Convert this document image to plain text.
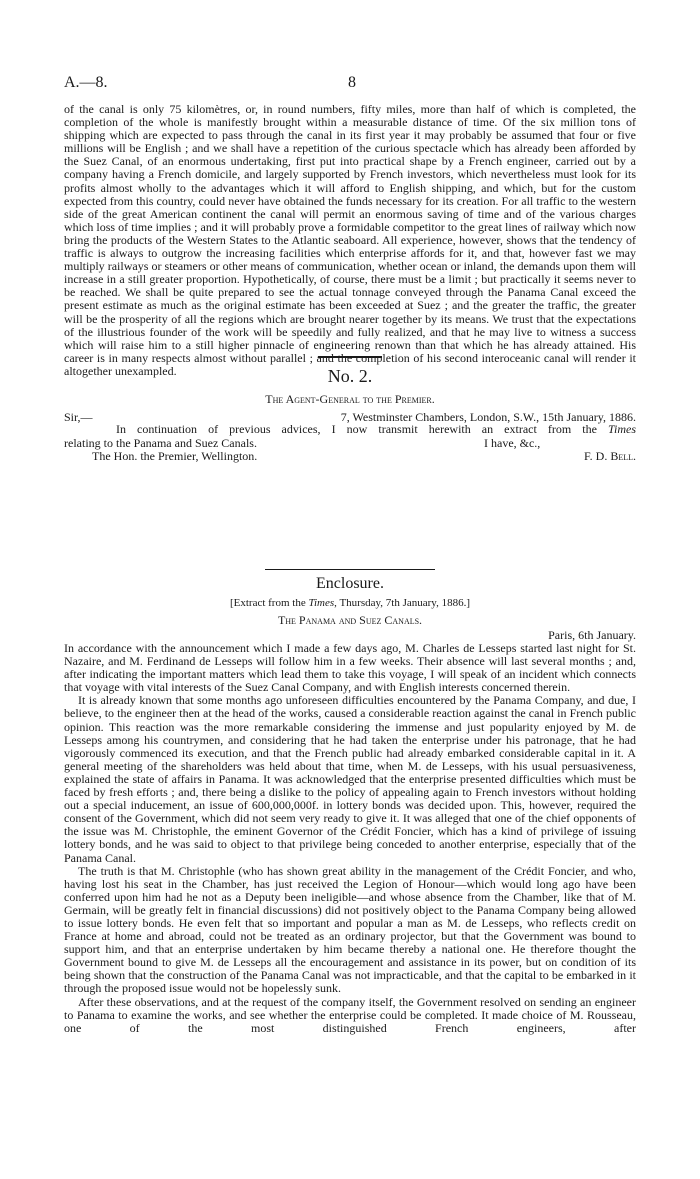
A.—8.	8

of the canal is only 75 kilomètres, or, in round numbers, fifty miles, more than half of which is completed, the completion of the whole is manifestly brought within a measurable distance of time. Of the six million tons of shipping which are expected to pass through the canal in its first year it may probably be assumed that four or five millions will be English ; and we shall have a repetition of the curious spectacle which has already been afforded by the Suez Canal, of an enormous undertaking, first put into practical shape by a French engineer, carried out by a company having a French domicile, and largely supported by French investors, which nevertheless must look for its profits almost wholly to the advantages which it will afford to English shipping, and which, but for the custom expected from this country, could never have obtained the funds necessary for its creation. For all traffic to the western side of the great American continent the canal will permit an enormous saving of time and of the various charges which loss of time implies ; and it will probably prove a formidable competitor to the great lines of railway which now bring the products of the Western States to the Atlantic seaboard. All experience, however, shows that the tendency of traffic is always to outgrow the increasing facilities which enterprise affords for it, and that, however fast we may multiply railways or steamers or other means of communication, whether ocean or inland, the demands upon them will increase in a still greater proportion. Hypothetically, of course, there must be a limit ; but practically it seems never to be reached. We shall be quite prepared to see the actual tonnage conveyed through the Panama Canal exceed the present estimate as much as the original estimate has been exceeded at Suez ; and the greater the traffic, the greater will be the prosperity of all the regions which are brought nearer together by its means. We trust that the expectations of the illustrious founder of the work will be speedily and fully realized, and that he may live to witness a success which will raise him to a still higher pinnacle of engineering renown than that which he has already attained. His career is in many respects almost without parallel ; and the completion of his second interoceanic canal will render it altogether unexampled.	No. 2.
The Agent-General to the Premier.
Sir,—	7, Westminster Chambers, London, S.W., 15th January, 1886.
In continuation of previous advices, I now transmit herewith an extract from the Times
relating to the Panama and Suez Canals.	I have, &c.,
The Hon. the Premier, Wellington.	F. D. Bell.
Enclosure.
[Extract from the Times, Thursday, 7th January, 1886.]
The Panama and Suez Canals.
Paris, 6th January.

In accordance with the announcement which I made a few days ago, M. Charles de Lesseps started last night for St. Nazaire, and M. Ferdinand de Lesseps will follow him in a few weeks. Their absence will last several months ; and, after indicating the important matters which lead them to take this voyage, I will speak of an incident which connects that voyage with vital interests of the Suez Canal Company, and with English interests concerned therein.

It is already known that some months ago unforeseen difficulties encountered by the Panama Company, and due, I believe, to the engineer then at the head of the works, caused a considerable reaction against the canal in French public opinion. This reaction was the more remarkable considering the immense and just popularity enjoyed by M. de Lesseps among his countrymen, and considering that he had taken the enterprise under his patronage, that he had vigorously commenced its execution, and that the French public had already embarked considerable capital in it. A general meeting of the shareholders was held about that time, when M. de Lesseps, with his usual persuasiveness, explained the state of affairs in Panama. It was acknowledged that the enterprise presented difficulties which must be faced by fresh efforts ; and, there being a dislike to the policy of appealing again to French investors without holding out a special inducement, an issue of 600,000,000f. in lottery bonds was decided upon. This, however, required the consent of the Government, which did not seem very ready to give it. It was alleged that one of the chief opponents of the issue was M. Christophle, the eminent Governor of the Crédit Foncier, which has a kind of privilege of issuing lottery bonds, and he was said to object to that privilege being conceded to another enterprise, especially that of the Panama Canal.

The truth is that M. Christophle (who has shown great ability in the management of the Crédit Foncier, and who, having lost his seat in the Chamber, has just received the Legion of Honour—which would long ago have been conferred upon him had he not as a Deputy been ineligible—and whose absence from the Chamber, like that of M. Germain, will be greatly felt in financial discussions) did not positively object to the Panama Company being allowed to issue lottery bonds. He even felt that so important and popular a man as M. de Lesseps, who reflects credit on France at home and abroad, could not be treated as an ordinary projector, but that the Government was bound to support him, and that an enterprise undertaken by him became thereby a national one. He therefore thought the Government bound to give M. de Lesseps all the encouragement and assistance in its power, but on condition of its being shown that the construction of the Panama Canal was not impracticable, and that the capital to be embarked in it through the proposed issue would not be hopelessly sunk.

After these observations, and at the request of the company itself, the Government resolved on sending an engineer to Panama to examine the works, and see whether the enterprise could be completed. It made choice of M. Rousseau, one of the most distinguished French engineers, after
